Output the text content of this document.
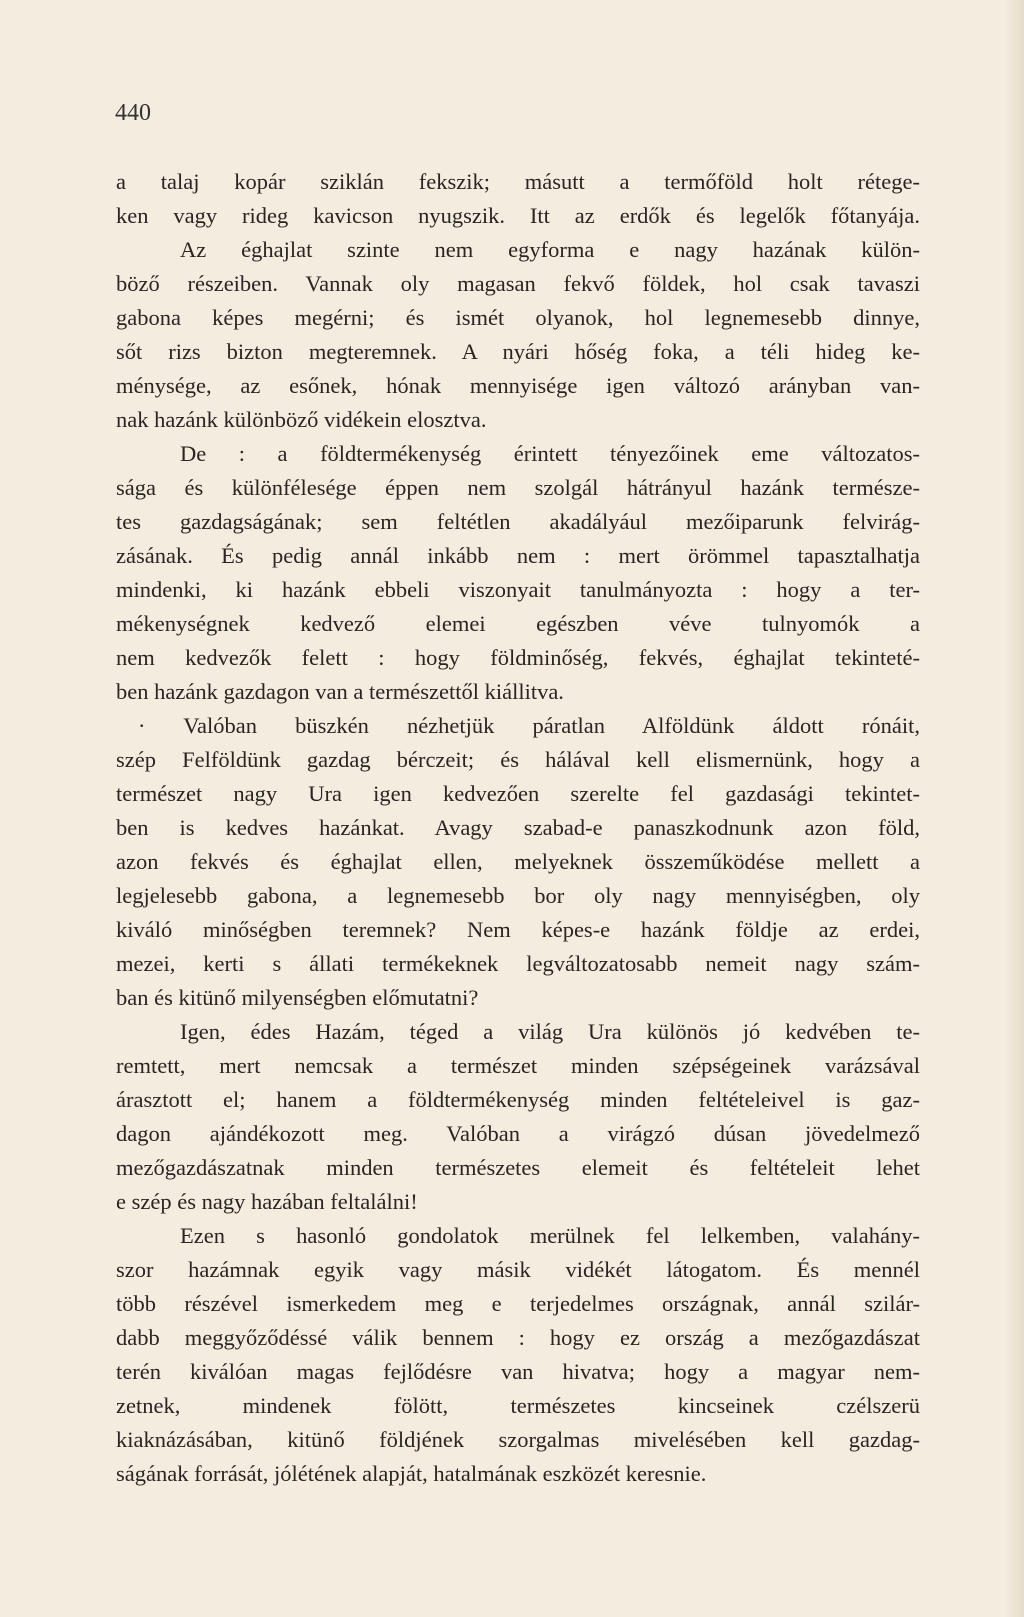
440
a talaj kopár sziklán fekszik; másutt a termőföld holt rétege-
ken vagy rideg kavicson nyugszik. Itt az erdők és legelők főtanyája.
Az éghajlat szinte nem egyforma e nagy hazának külön-
böző részeiben. Vannak oly magasan fekvő földek, hol csak tavaszi
gabona képes megérni; és ismét olyanok, hol legnemesebb dinnye,
sőt rizs bizton megteremnek. A nyári hőség foka, a téli hideg ke-
ménysége, az esőnek, hónak mennyisége igen változó arányban van-
nak hazánk különböző vidékein elosztva.
De : a földtermékenység érintett tényezőinek eme változatos-
sága és különfélesége éppen nem szolgál hátrányul hazánk természe-
tes gazdagságának; sem feltétlen akadályául mezőiparunk felvirág-
zásának. És pedig annál inkább nem : mert örömmel tapasztalhatja
mindenki, ki hazánk ebbeli viszonyait tanulmányozta : hogy a ter-
mékenységnek kedvező elemei egészben véve tulnyomók a
nem kedvezők felett : hogy földminőség, fekvés, éghajlat tekinteté-
ben hazánk gazdagon van a természettől kiállitva.
· Valóban büszkén nézhetjük páratlan Alföldünk áldott rónáit,
szép Felföldünk gazdag bérczeit; és hálával kell elismernünk, hogy a
természet nagy Ura igen kedvezően szerelte fel gazdasági tekintet-
ben is kedves hazánkat. Avagy szabad-e panaszkodnunk azon föld,
azon fekvés és éghajlat ellen, melyeknek összeműködése mellett a
legjelesebb gabona, a legnemesebb bor oly nagy mennyiségben, oly
kiváló minőségben teremnek? Nem képes-e hazánk földje az erdei,
mezei, kerti s állati termékeknek legváltozatosabb nemeit nagy szám-
ban és kitünő milyenségben előmutatni?
Igen, édes Hazám, téged a világ Ura különös jó kedvében te-
remtett, mert nemcsak a természet minden szépségeinek varázsával
árasztott el; hanem a földtermékenység minden feltételeivel is gaz-
dagon ajándékozott meg. Valóban a virágzó dúsan jövedelmező
mezőgazdászatnak minden természetes elemeit és feltételeit lehet
e szép és nagy hazában feltalálni!
Ezen s hasonló gondolatok merülnek fel lelkemben, valahány-
szor hazámnak egyik vagy másik vidékét látogatom. És mennél
több részével ismerkedem meg e terjedelmes országnak, annál szilár-
dabb meggyőződéssé válik bennem : hogy ez ország a mezőgazdászat
terén kiválóan magas fejlődésre van hivatva; hogy a magyar nem-
zetnek, mindenek fölött, természetes kincseinek czélszerü
kiaknázásában, kitünő földjének szorgalmas mivelésében kell gazdag-
ságának forrását, jólétének alapját, hatalmának eszközét keresnie.
